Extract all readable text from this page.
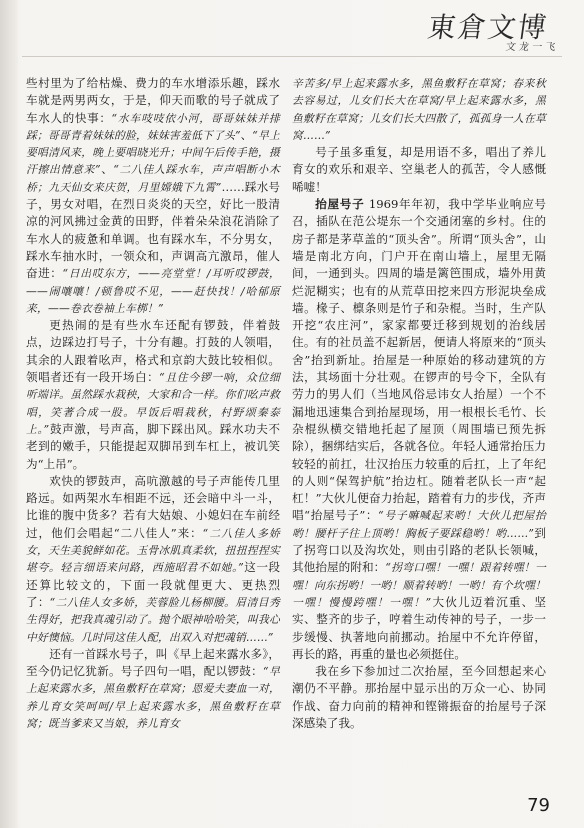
東倉文博
文 龙 一 飞

些村里为了给枯燥、费力的车水增添乐趣，踩水车就是两男两女，于是，仰天而歌的号子就成了车水人的快事：“水车吱吱依小河，哥哥妹妹并排踩；哥哥青着妹妹的脸，妹妹害羞低下了头”、“早上要唱清风来，晚上要唱晓光升；中间午后传手艳，摄汗擦出情意来”、“二八佳人踩水车，声声唱断小木桥；九天仙女来庆贺，月里嫦娥下九霄”……踩水号子，男女对唱，在烈日炎炎的天空，好比一股清凉的河风拂过金黄的田野，伴着朵朵浪花消除了车水人的疲惫和单调。也有踩水车，不分男女，踩水车抽水时，一领众和，声调高亢激昂，催人奋进：“日出哎东方，——亮堂堂！/耳听哎锣鼓，——闹嚷嚷！/顿鲁哎不见，——赶快找！/哈郁原来，——卷衣卷袖上车梆！”

更热闹的是有些水车还配有锣鼓，伴着鼓点，边踩边打号子，十分有趣。打鼓的人领唱，其余的人跟着吆声，格式和京韵大鼓比较相似。领唱者还有一段开场白：“且住今锣一响，众位细听端详。虽然踩水栽秧，大家和合一样。你们吆声救唱，笑著合成一股。早饭后唱栽秋，村野颂秦泰上。”鼓声激，号声高，脚下踩出风。踩水功夫不老到的嫩手，只能提起双脚吊到车杠上，被讥笑为“上吊”。

欢快的锣鼓声，高吭激越的号子声能传几里路远。如两架水车相距不远，还会暗中斗一斗，比谁的腹中货多？若有大姑娘、小媳妇在车前经过，他们会唱起“二八佳人”来：“二八佳人多娇女，天生美貌鲜如花。玉骨冰肌真柔软，扭扭捏捏实堪夸。轻言细语来问路，西施昭君不如她。”这一段还算比较文的，下面一段就俚更大、更热烈了：“二八佳人女多娇，芙蓉脸儿杨柳腰。眉清目秀生得好，把我真魂引动了。抛个眼神哈哈笑，叫我心中好懊恼。几时同这佳人配，出双入对把魂销……”

还有一首踩水号子，叫《早上起来露水多》，至今仍记忆犹新。号子四句一唱，配以锣鼓：“早上起来露水多，黑鱼敷籽在草窝；恩爱夫妻血一对，养儿育女笑呵呵/早上起来露水多，黑鱼敷籽在草窝；既当爹来又当娘，养儿育女

辛苦多/早上起来露水多，黑鱼敷籽在草窝；春来秋去容易过，儿女们长大在草窝/早上起来露水多，黑鱼敷籽在草窝；儿女们长大四散了，孤孤身一人在草窝……”

号子虽多重复，却是用语不多，唱出了养儿育女的欢乐和艰辛、空巢老人的孤苦，令人感慨唏嘘！

抬屋号子 1969年年初，我中学毕业响应号召，插队在范公堤东一个交通闭塞的乡村。住的房子都是茅草盖的“顶头舍”。所谓“顶头舍”，山墙是南北方向，门户开在南山墙上，屋里无隔间，一通到头。四周的墙是篱笆围成，墙外用黄烂泥糊实；也有的从荒草田挖来四方形泥块垒成墙。椽子、檩条则是竹子和杂棍。当时，生产队开挖“农庄河”，家家都要迁移到规划的治线居住。有的社员盖不起新居，便请人将原来的“顶头舍”抬到新址。抬屋是一种原始的移动建筑的方法，其场面十分壮观。在锣声的号令下，全队有劳力的男人们（当地风俗忌讳女人抬屋）一个不漏地迅速集合到抬屋现场，用一根根长毛竹、长杂棍纵横交错地托起了屋顶（周围墙已预先拆除），捆绑结实后，各就各位。年轻人通常抬压力较轻的前扛，壮汉抬压力较重的后扛，上了年纪的人则“保驾护航”抬边杠。随着老队长一声“起杠！”大伙儿便奋力抬起，踏着有力的步伐，齐声唱“抬屋号子”：“号子嘛喊起来哟！大伙儿把屋抬哟！腰杆子往上顶哟！胸板子要踩稳哟！哟……”到了拐弯口以及沟坎处，则由引路的老队长领喊，其他抬屋的附和：“拐弯口嘿！一嘿！跟着转嘿！一嘿！向东拐哟！一哟！顺着转哟！一哟！有个坎嘿！一嘿！慢慢跨嘿！一嘿！”大伙儿迈着沉重、坚实、整齐的步子，哼着生动传神的号子，一步一步缓慢、执著地向前挪动。抬屋中不允许停留，再长的路，再重的量也必须挺住。

我在乡下参加过二次抬屋，至今回想起来心潮仍不平静。那抬屋中显示出的万众一心、协同作战、奋力向前的精神和铿锵振奋的抬屋号子深深感染了我。

79
